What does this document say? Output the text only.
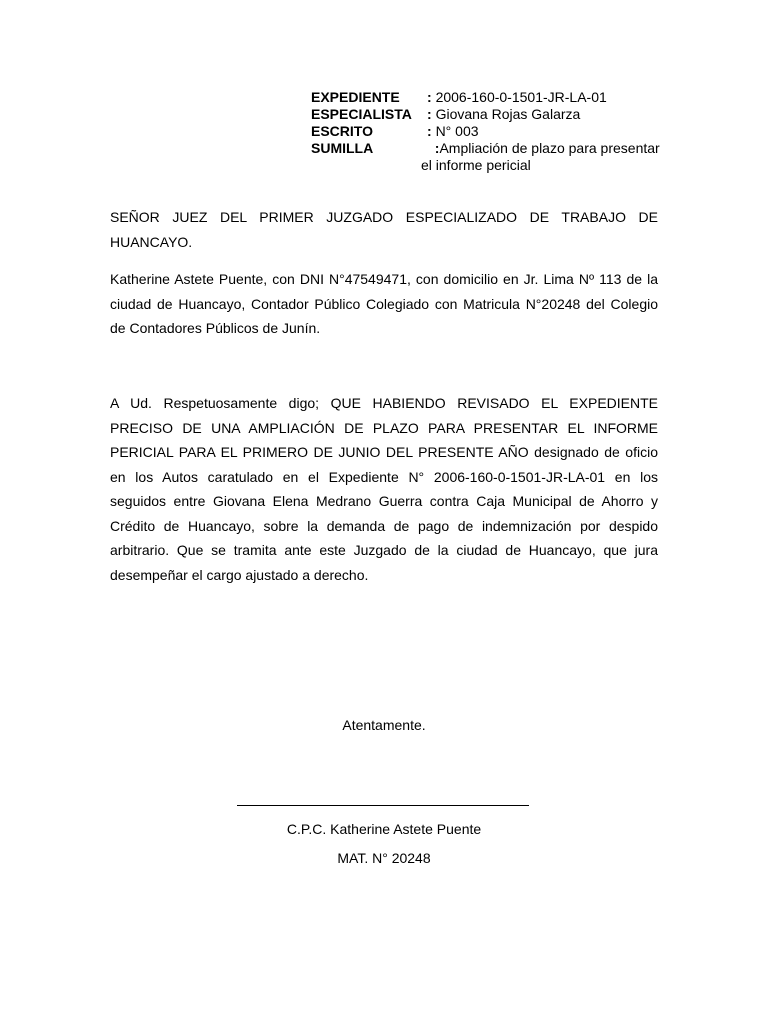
EXPEDIENTE	: 2006-160-0-1501-JR-LA-01
ESPECIALISTA	: Giovana Rojas Galarza
ESCRITO	: N° 003
SUMILLA	:Ampliación de plazo para presentar
el informe pericial

SEÑOR JUEZ DEL PRIMER JUZGADO ESPECIALIZADO DE TRABAJO DE HUANCAYO.

Katherine Astete Puente, con DNI N°47549471, con domicilio en Jr. Lima Nº 113 de la ciudad de Huancayo, Contador Público Colegiado con Matricula N°20248 del Colegio de Contadores Públicos de Junín.

A Ud. Respetuosamente digo; QUE HABIENDO REVISADO EL EXPEDIENTE PRECISO DE UNA AMPLIACIÓN DE PLAZO PARA PRESENTAR EL INFORME PERICIAL PARA EL PRIMERO DE JUNIO DEL PRESENTE AÑO designado de oficio en los Autos caratulado en el Expediente N° 2006-160-0-1501-JR-LA-01 en los seguidos entre Giovana Elena Medrano Guerra contra Caja Municipal de Ahorro y Crédito de Huancayo, sobre la demanda de pago de indemnización por despido arbitrario. Que se tramita ante este Juzgado de la ciudad de Huancayo, que jura desempeñar el cargo ajustado a derecho.

Atentamente.
C.P.C. Katherine Astete Puente
MAT. N° 20248
